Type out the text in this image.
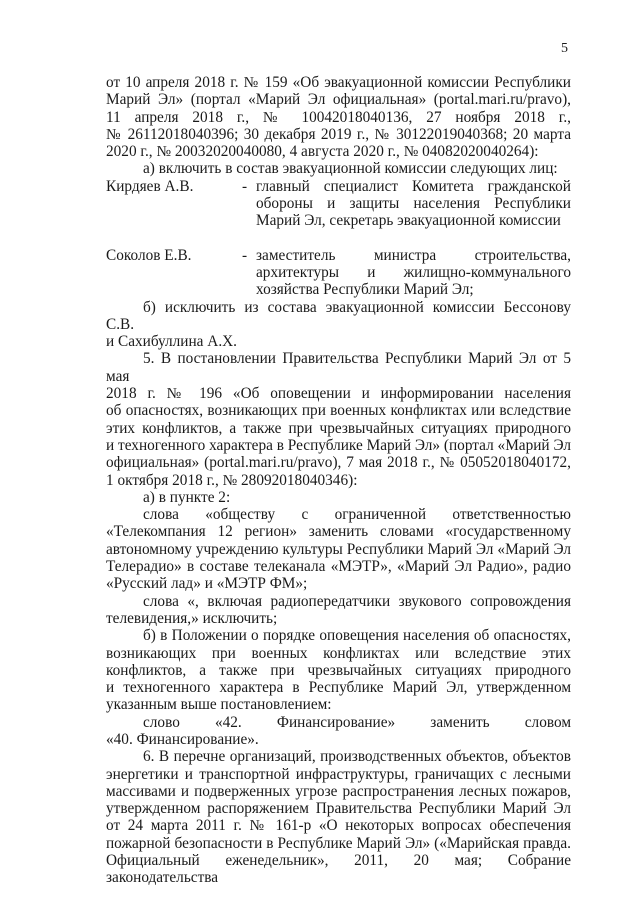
5
от 10 апреля 2018 г. № 159 «Об эвакуационной комиссии Республики
Марий Эл» (портал «Марий Эл официальная» (portal.mari.ru/pravo),
11 апреля 2018 г., № 10042018040136, 27 ноября 2018 г.,
№ 26112018040396; 30 декабря 2019 г., № 30122019040368; 20 марта
2020 г., № 20032020040080, 4 августа 2020 г., № 04082020040264):
а) включить в состав эвакуационной комиссии следующих лиц:
Кирдяев А.В.	- главный специалист Комитета гражданской
обороны и защиты населения Республики
Марий Эл, секретарь эвакуационной комиссии
Соколов Е.В.	- заместитель министра строительства,
архитектуры и жилищно-коммунального
хозяйства Республики Марий Эл;
б) исключить из состава эвакуационной комиссии Бессонову С.В.
и Сахибуллина А.Х.
5. В постановлении Правительства Республики Марий Эл от 5 мая
2018 г. № 196 «Об оповещении и информировании населения
об опасностях, возникающих при военных конфликтах или вследствие
этих конфликтов, а также при чрезвычайных ситуациях природного
и техногенного характера в Республике Марий Эл» (портал «Марий Эл
официальная» (portal.mari.ru/pravo), 7 мая 2018 г., № 05052018040172,
1 октября 2018 г., № 28092018040346):
а) в пункте 2:
слова «обществу с ограниченной ответственностью
«Телекомпания 12 регион» заменить словами «государственному
автономному учреждению культуры Республики Марий Эл «Марий Эл
Телерадио» в составе телеканала «МЭТР», «Марий Эл Радио», радио
«Русский лад» и «МЭТР ФМ»;
слова «, включая радиопередатчики звукового сопровождения
телевидения,» исключить;
б) в Положении о порядке оповещения населения об опасностях,
возникающих при военных конфликтах или вследствие этих
конфликтов, а также при чрезвычайных ситуациях природного
и техногенного характера в Республике Марий Эл, утвержденном
указанным выше постановлением:
слово «42. Финансирование» заменить словом
«40. Финансирование».
6. В перечне организаций, производственных объектов, объектов
энергетики и транспортной инфраструктуры, граничащих с лесными
массивами и подверженных угрозе распространения лесных пожаров,
утвержденном распоряжением Правительства Республики Марий Эл
от 24 марта 2011 г. № 161-р «О некоторых вопросах обеспечения
пожарной безопасности в Республике Марий Эл» («Марийская правда.
Официальный еженедельник», 2011, 20 мая; Собрание законодательства
